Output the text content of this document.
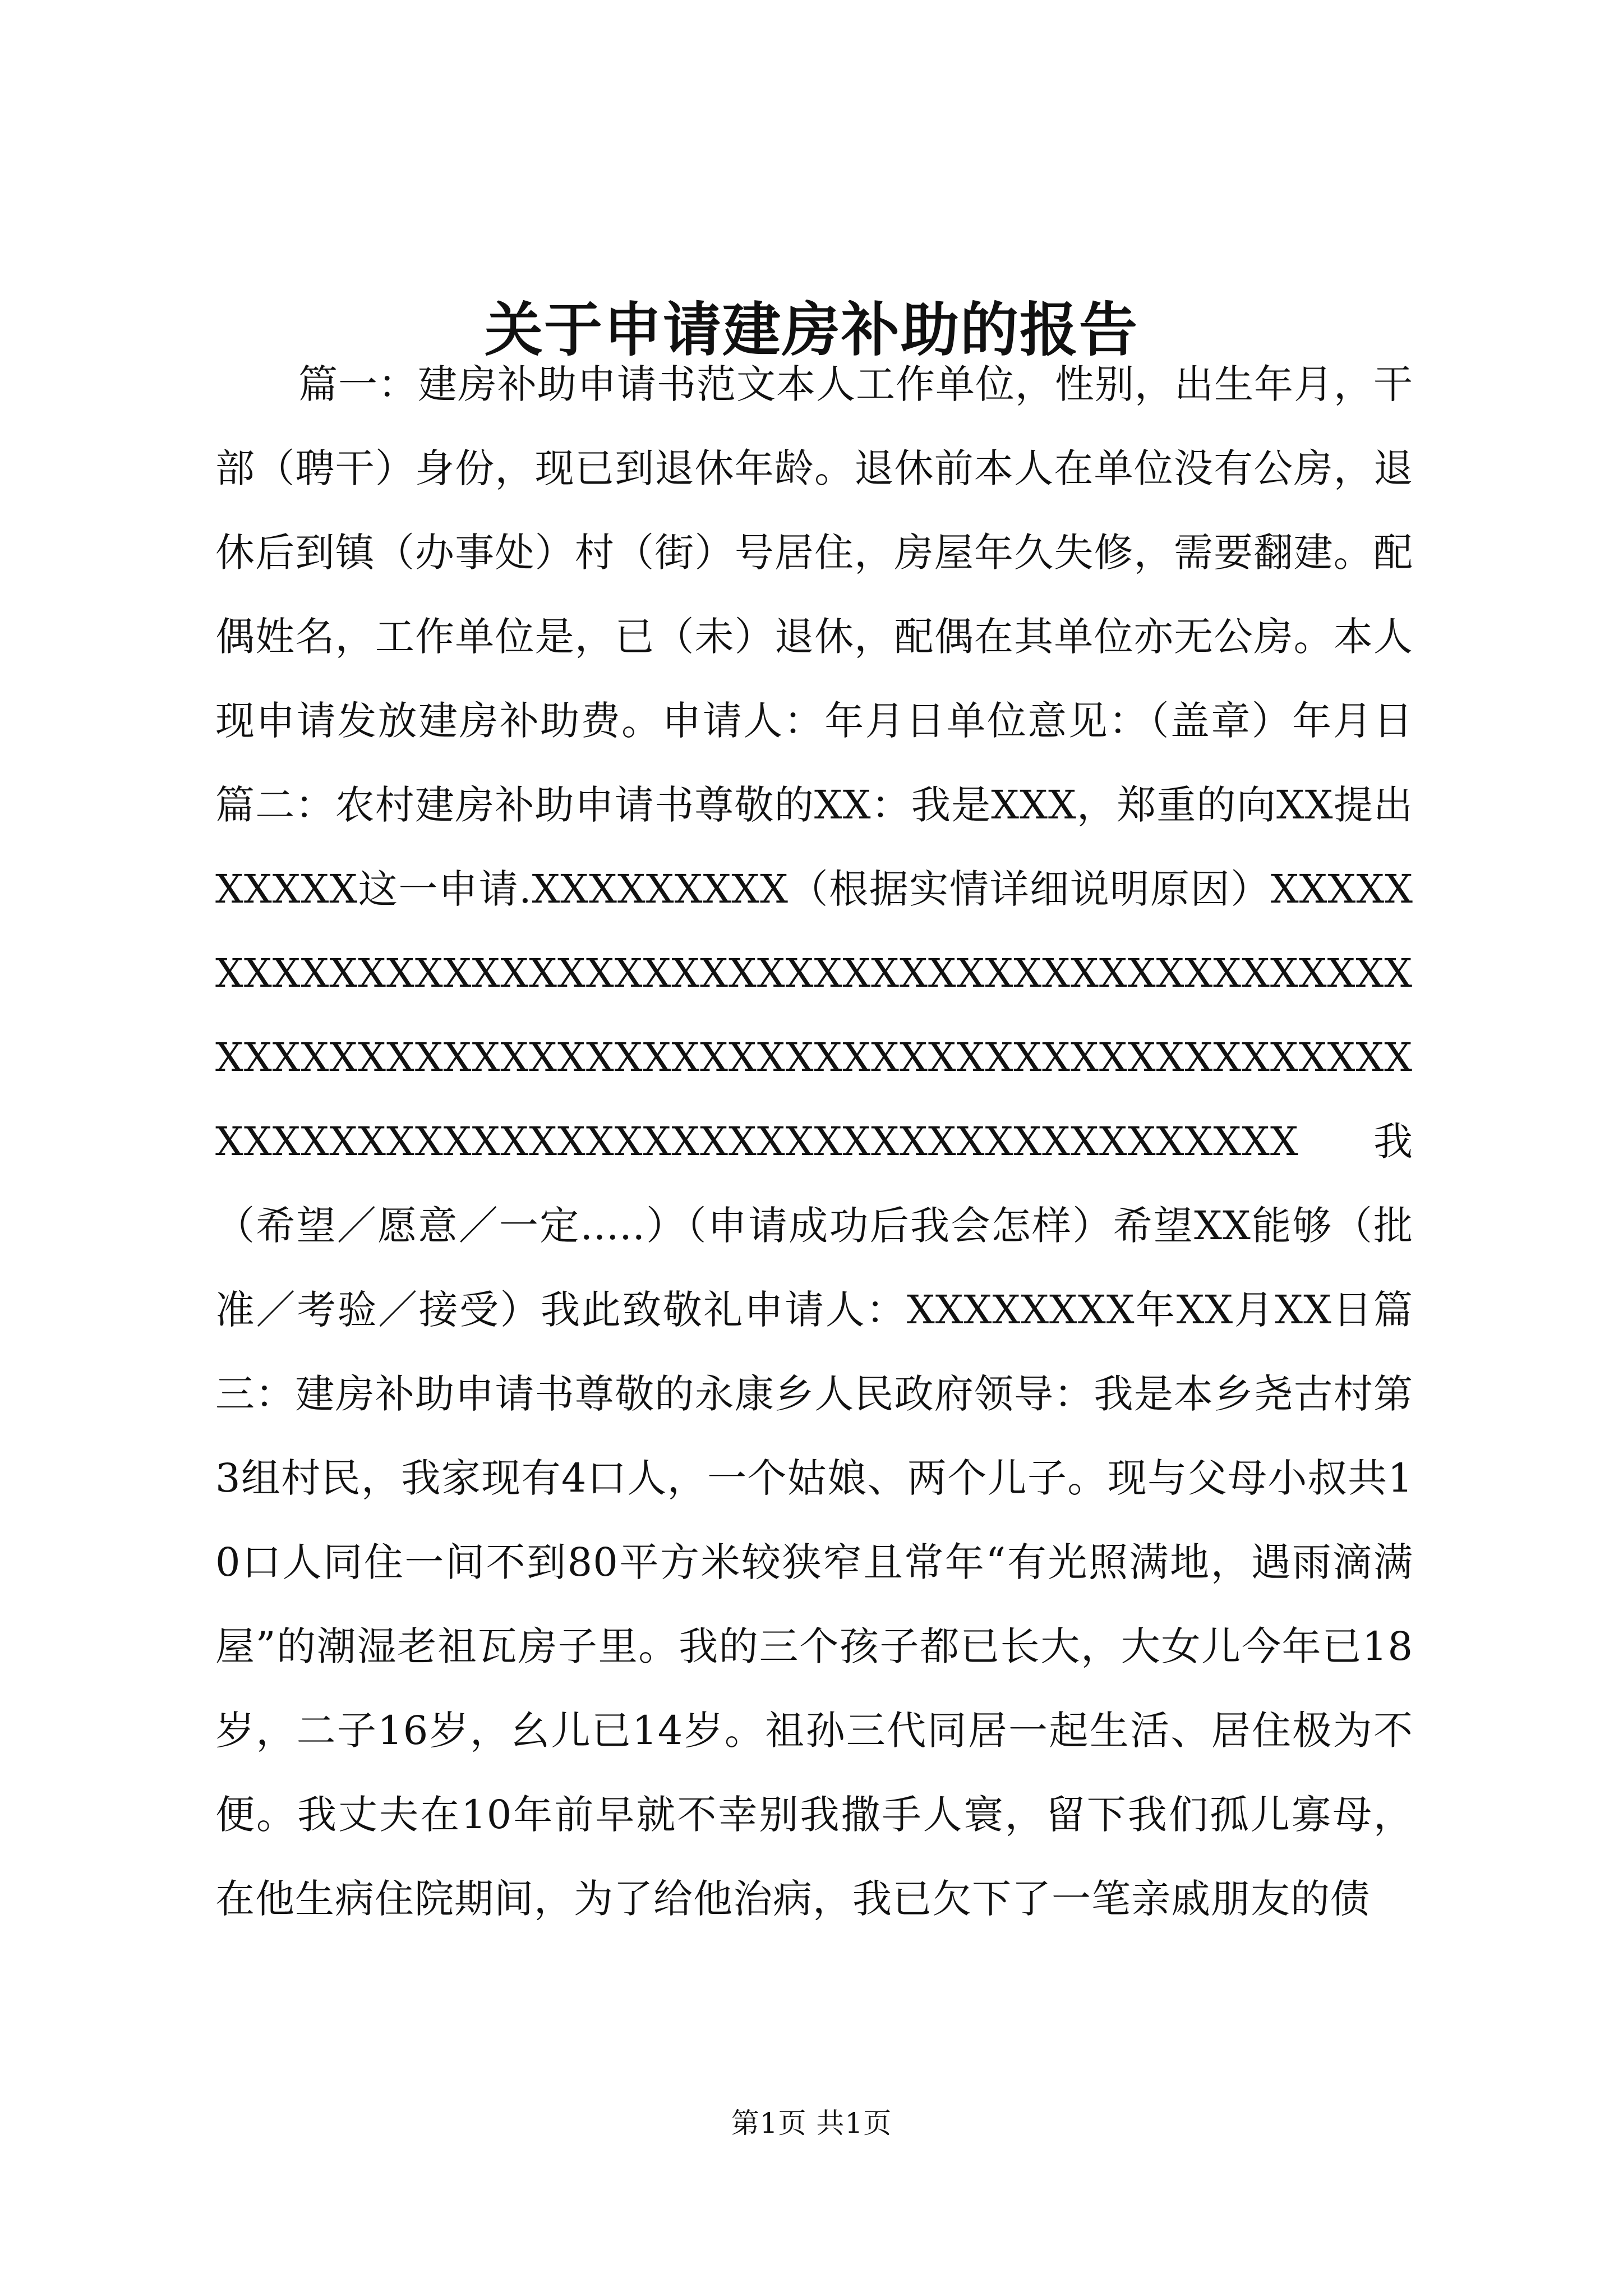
关于申请建房补助的报告
篇一：建房补助申请书范文本人工作单位，性别，出生年月，干部（聘干）身份，现已到退休年龄。退休前本人在单位没有公房，退休后到镇（办事处）村（街）号居住，房屋年久失修，需要翻建。配偶姓名，工作单位是，已（未）退休，配偶在其单位亦无公房。本人现申请发放建房补助费。申请人：年月日单位意见：（盖章）年月日篇二：农村建房补助申请书尊敬的XX：我是XXX，郑重的向XX提出XXXXX这一申请.XXXXXXXXX（根据实情详细说明原因）XXXXXXXXXXXXXXXXXXXXXXXXXXXXXXXXXXXXXXXXXXXXXXXXXXXXXXXXXXXXXXXXXXXXXXXXXXXXXXXXXXXXXXXXXXXXXXXXXXXXXXXXXXXXXXXXXXXXXXXXXXXXXXX我（希望／愿意／一定.....）（申请成功后我会怎样）希望XX能够（批准／考验／接受）我此致敬礼申请人：XXXXXXXX年XX月XX日篇三：建房补助申请书尊敬的永康乡人民政府领导：我是本乡尧古村第3组村民，我家现有4口人，一个姑娘、两个儿子。现与父母小叔共10口人同住一间不到80平方米较狭窄且常年“有光照满地，遇雨滴满屋”的潮湿老祖瓦房子里。我的三个孩子都已长大，大女儿今年已18岁，二子16岁，幺儿已14岁。祖孙三代同居一起生活、居住极为不便。我丈夫在10年前早就不幸别我撒手人寰，留下我们孤儿寡母，在他生病住院期间，为了给他治病，我已欠下了一笔亲戚朋友的债
第1页 共1页
